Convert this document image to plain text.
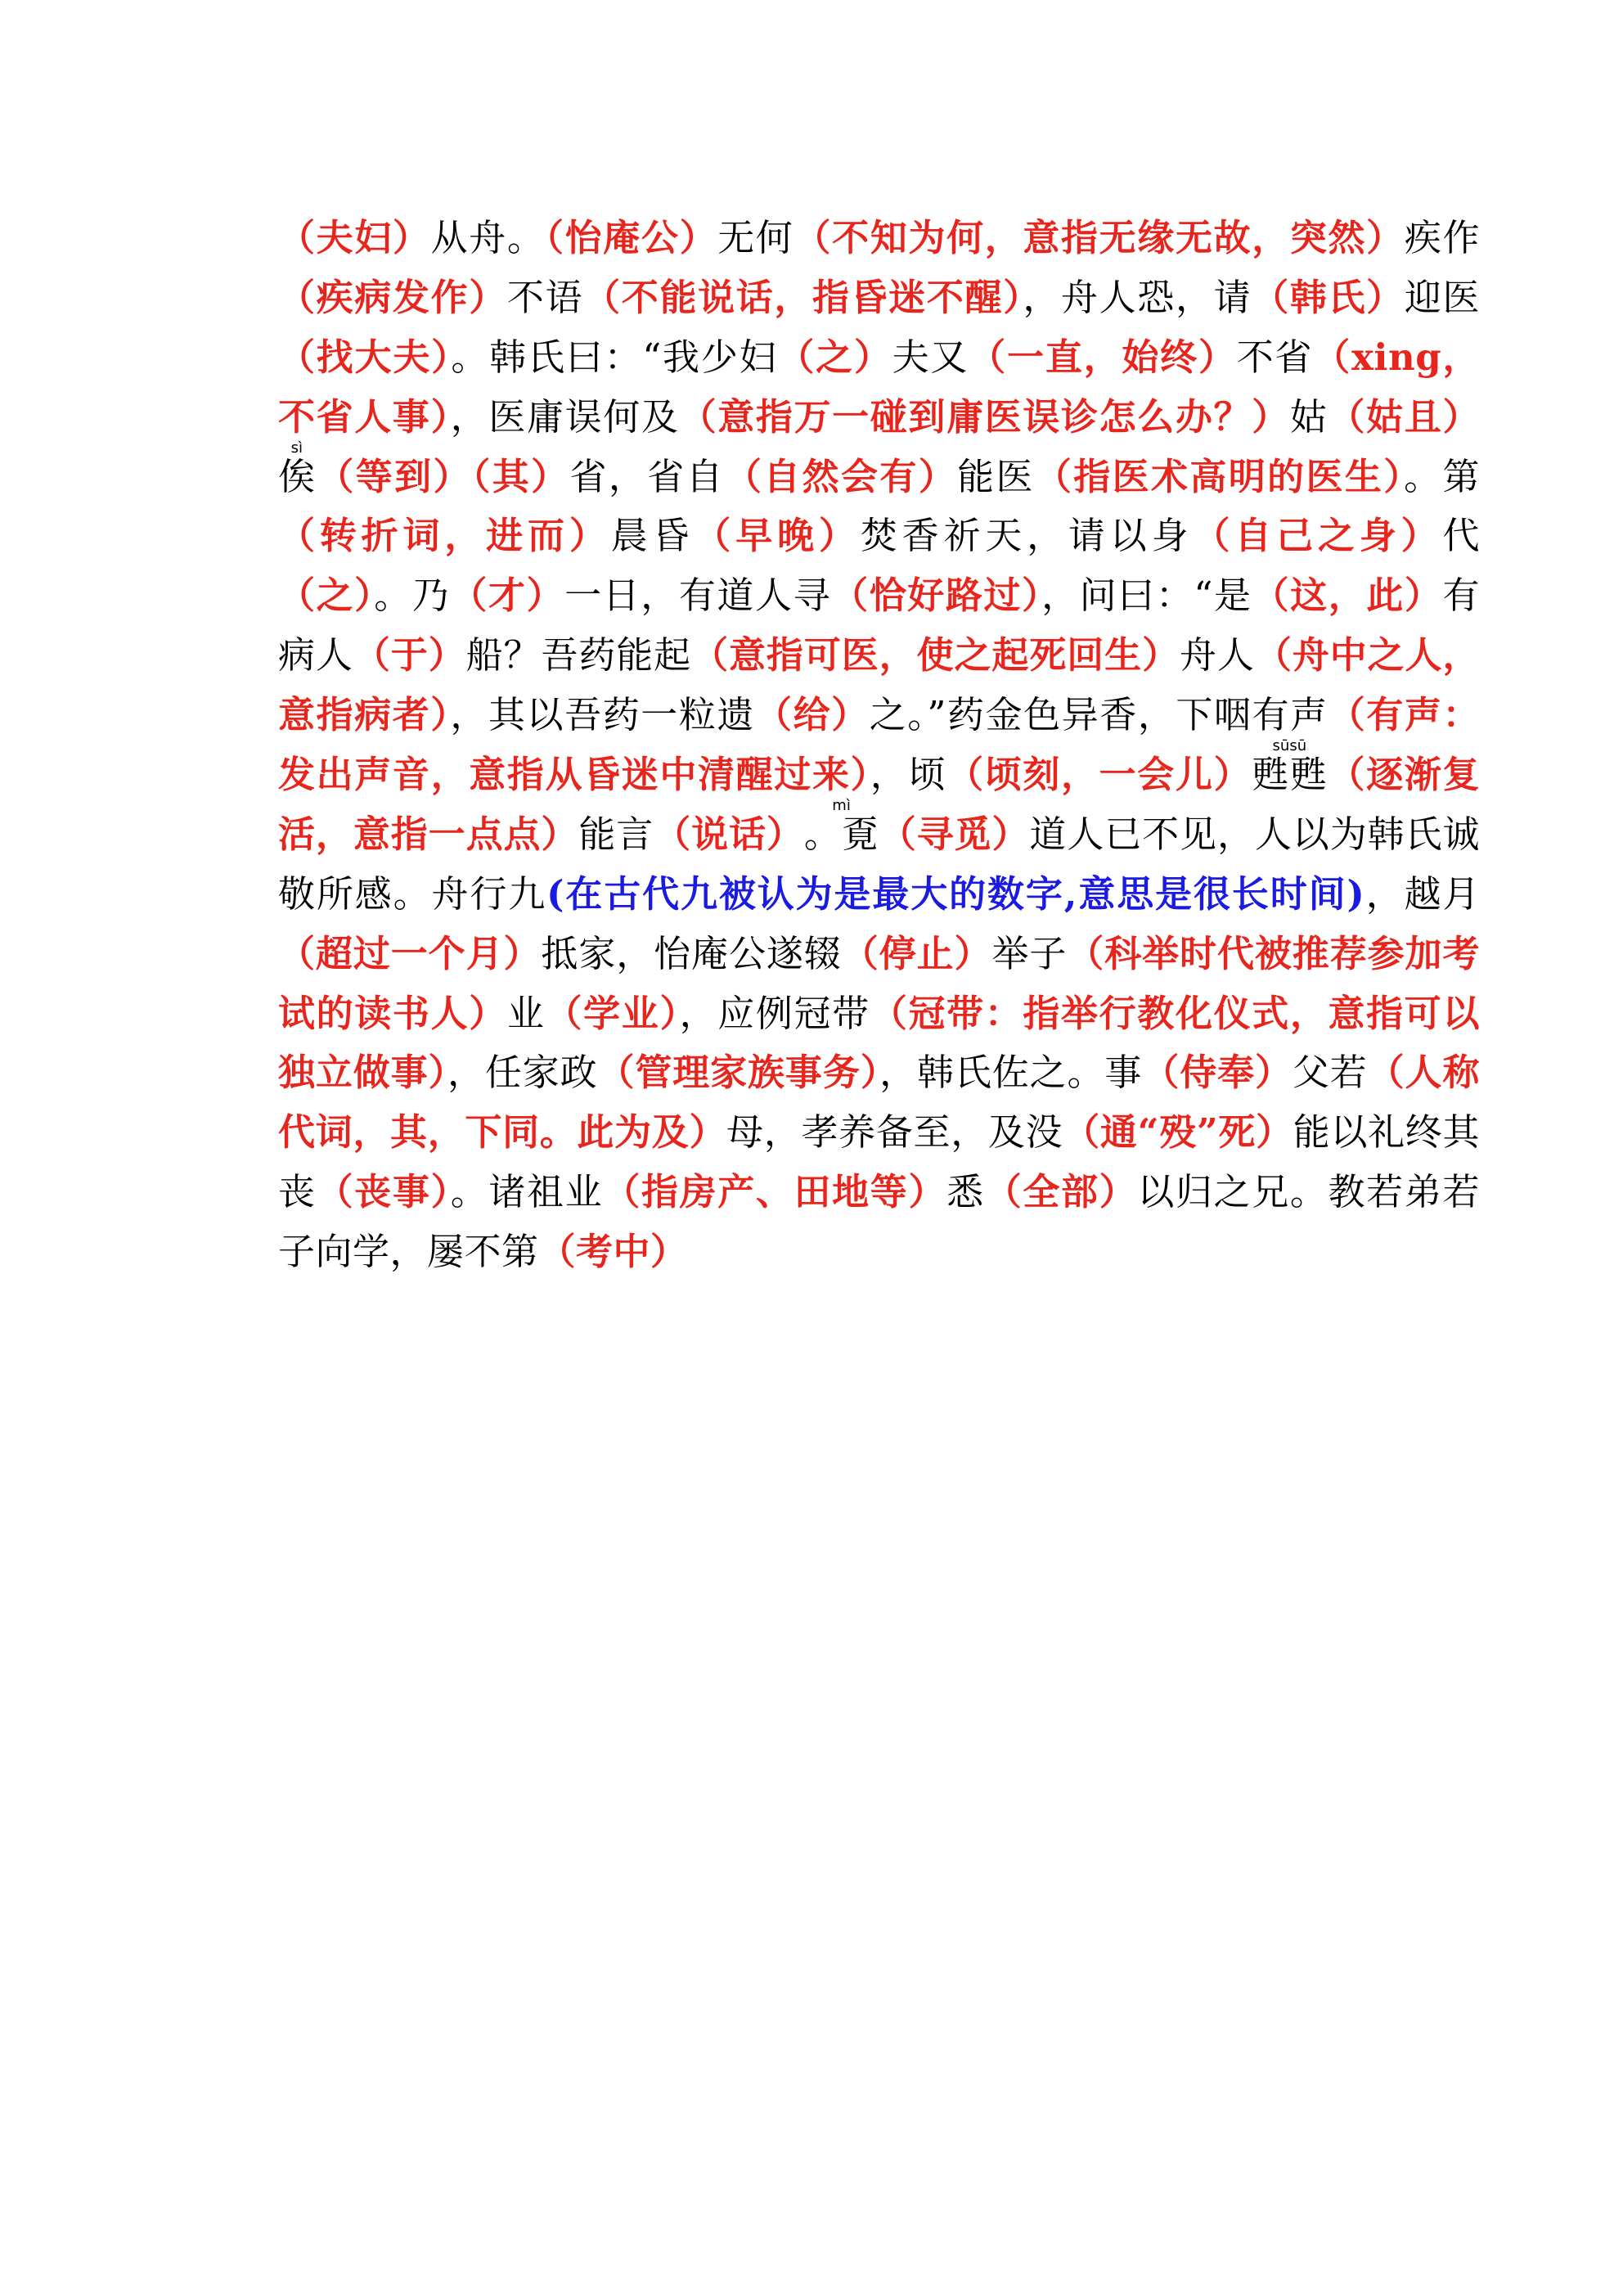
（夫妇）从舟。（怡庵公）无何（不知为何，意指无缘无故，突然）疾作（疾病发作）不语（不能说话，指昏迷不醒），舟人恐，请（韩氏）迎医（找大夫）。韩氏曰：“我少妇（之）夫又（一直，始终）不省（xing，不省人事），医庸误何及（意指万一碰到庸医误诊怎么办？）姑（姑且）俟sì（等到）（其）省，省自（自然会有）能医（指医术高明的医生）。第（转折词，进而）晨昏（早晚）焚香祈天，请以身（自己之身）代（之）。乃（才）一日，有道人寻（恰好路过），问曰：“是（这，此）有病人（于）船？吾药能起（意指可医，使之起死回生）舟人（舟中之人，意指病者），其以吾药一粒遗（给）之。”药金色异香，下咽有声（有声：发出声音，意指从昏迷中清醒过来），顷（顷刻，一会儿）甦甦sūsū（逐渐复活，意指一点点）能言（说话）。覔mì（寻觅）道人已不见，人以为韩氏诚敬所感。舟行九(在古代九被认为是最大的数字,意思是很长时间)，越月（超过一个月）抵家，怡庵公遂辍（停止）举子（科举时代被推荐参加考试的读书人）业（学业），应例冠带（冠带：指举行教化仪式，意指可以独立做事），任家政（管理家族事务），韩氏佐之。事（侍奉）父若（人称代词，其，下同。此为及）母，孝养备至，及没（通“殁”死）能以礼终其丧（丧事）。诸祖业（指房产、田地等）悉（全部）以归之兄。教若弟若子向学，屡不第（考中）
